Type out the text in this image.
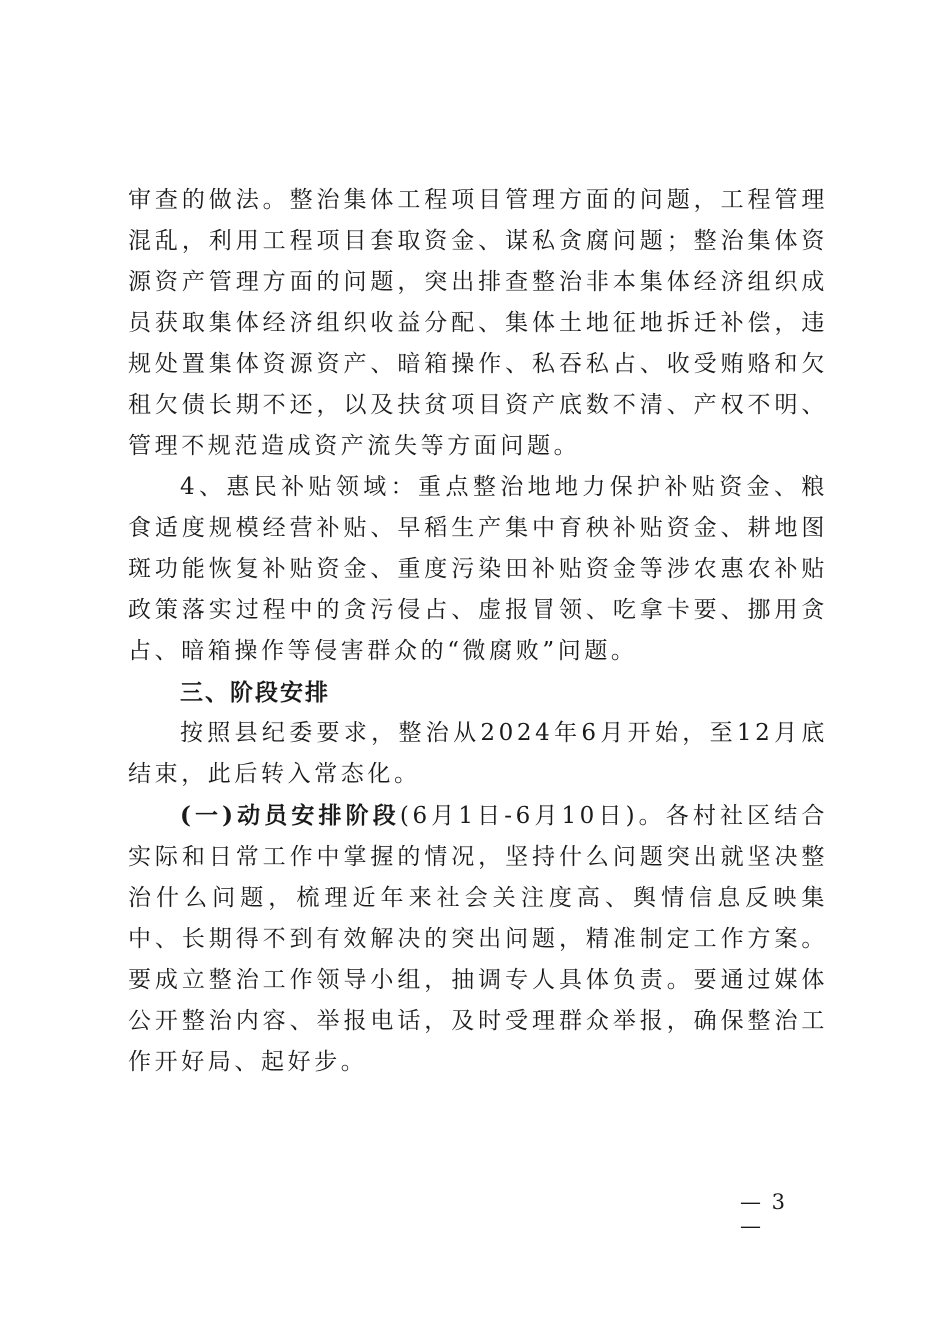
审查的做法。整治集体工程项目管理方面的问题，工程管理混乱，利用工程项目套取资金、谋私贪腐问题；整治集体资源资产管理方面的问题，突出排查整治非本集体经济组织成员获取集体经济组织收益分配、集体土地征地拆迁补偿，违规处置集体资源资产、暗箱操作、私吞私占、收受贿赂和欠租欠债长期不还，以及扶贫项目资产底数不清、产权不明、管理不规范造成资产流失等方面问题。

4、惠民补贴领域：重点整治地地力保护补贴资金、粮食适度规模经营补贴、早稻生产集中育秧补贴资金、耕地图斑功能恢复补贴资金、重度污染田补贴资金等涉农惠农补贴政策落实过程中的贪污侵占、虚报冒领、吃拿卡要、挪用贪占、暗箱操作等侵害群众的“微腐败”问题。

三、阶段安排

按照县纪委要求，整治从2024年6月开始，至12月底结束，此后转入常态化。

(一)动员安排阶段(6月1日-6月10日)。各村社区结合实际和日常工作中掌握的情况，坚持什么问题突出就坚决整治什么问题，梳理近年来社会关注度高、舆情信息反映集中、长期得不到有效解决的突出问题，精准制定工作方案。要成立整治工作领导小组，抽调专人具体负责。要通过媒体公开整治内容、举报电话，及时受理群众举报，确保整治工作开好局、起好步。

— 3 —
